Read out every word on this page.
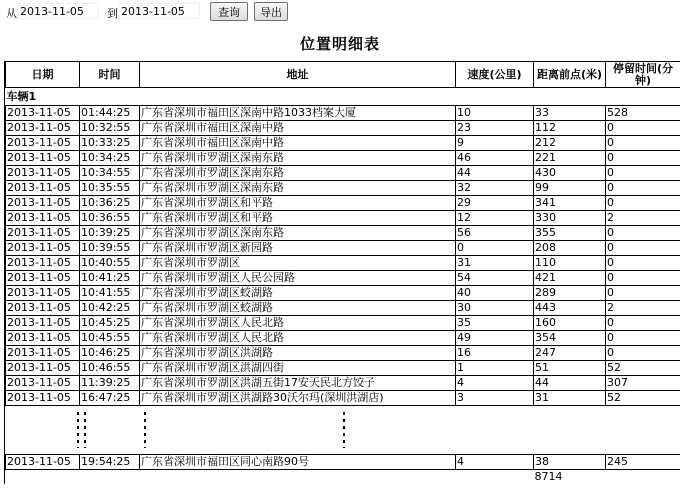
从
2013-11-05	到
2013-11-05	查询	导出
位置明细表
日期	时间	地址	速度(公里)	距离前点(米)	停留时间(分钟)
车辆1					
2013-11-05	01:44:25	广东省深圳市福田区深南中路1033档案大厦	10	33	528
2013-11-05	10:32:55	广东省深圳市福田区深南中路	23	112	0
2013-11-05	10:33:25	广东省深圳市福田区深南中路	9	212	0
2013-11-05	10:34:25	广东省深圳市罗湖区深南东路	46	221	0
2013-11-05	10:34:55	广东省深圳市罗湖区深南东路	44	430	0
2013-11-05	10:35:55	广东省深圳市罗湖区深南东路	32	99	0
2013-11-05	10:36:25	广东省深圳市罗湖区和平路	29	341	0
2013-11-05	10:36:55	广东省深圳市罗湖区和平路	12	330	2
2013-11-05	10:39:25	广东省深圳市罗湖区深南东路	56	355	0
2013-11-05	10:39:55	广东省深圳市罗湖区新园路	0	208	0
2013-11-05	10:40:55	广东省深圳市罗湖区	31	110	0
2013-11-05	10:41:25	广东省深圳市罗湖区人民公园路	54	421	0
2013-11-05	10:41:55	广东省深圳市罗湖区蛟湖路	40	289	0
2013-11-05	10:42:25	广东省深圳市罗湖区蛟湖路	30	443	2
2013-11-05	10:45:25	广东省深圳市罗湖区人民北路	35	160	0
2013-11-05	10:45:55	广东省深圳市罗湖区人民北路	49	354	0
2013-11-05	10:46:25	广东省深圳市罗湖区洪湖路	16	247	0
2013-11-05	10:46:55	广东省深圳市罗湖区洪湖四街	1	51	52
2013-11-05	11:39:25	广东省深圳市罗湖区洪湖五街17安天民北方饺子	4	44	307
2013-11-05	16:47:25	广东省深圳市罗湖区洪湖路30沃尔玛(深圳洪湖店)	3	31	52

2013-11-05	19:54:25	广东省深圳市福田区同心南路90号	4	38	245
				8714	
